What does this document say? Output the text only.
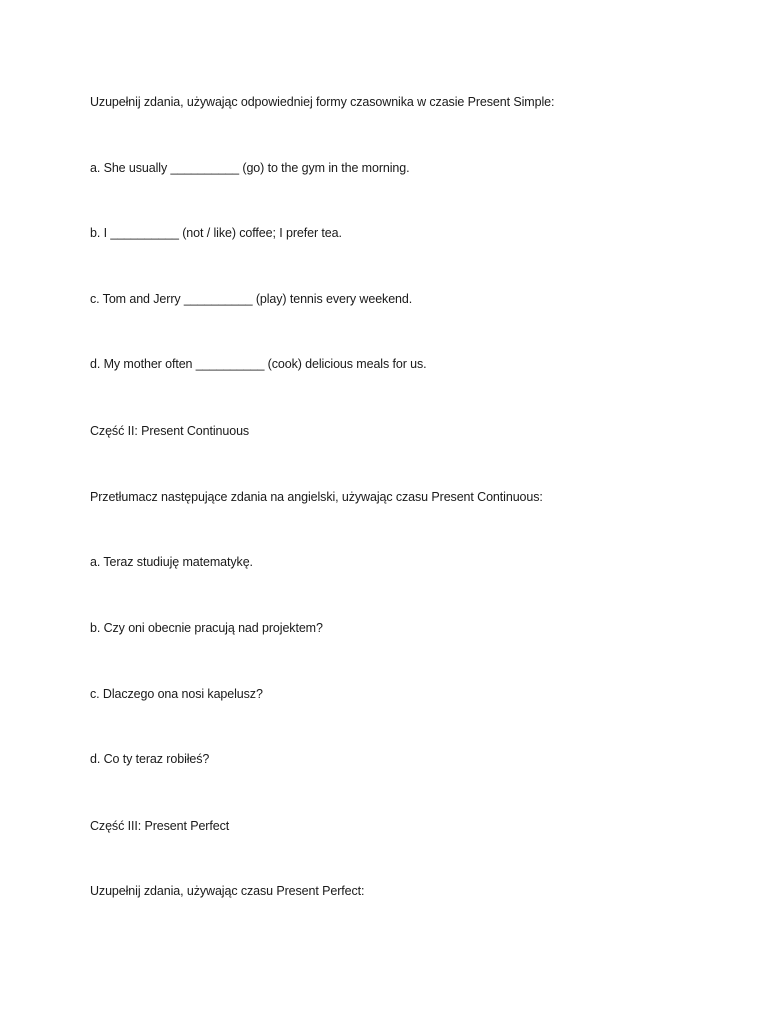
Uzupełnij zdania, używając odpowiedniej formy czasownika w czasie Present Simple:

a. She usually __________ (go) to the gym in the morning.

b. I __________ (not / like) coffee; I prefer tea.

c. Tom and Jerry __________ (play) tennis every weekend.

d. My mother often __________ (cook) delicious meals for us.

Część II: Present Continuous

Przetłumacz następujące zdania na angielski, używając czasu Present Continuous:

a. Teraz studiuję matematykę.

b. Czy oni obecnie pracują nad projektem?

c. Dlaczego ona nosi kapelusz?

d. Co ty teraz robiłeś?

Część III: Present Perfect

Uzupełnij zdania, używając czasu Present Perfect:
